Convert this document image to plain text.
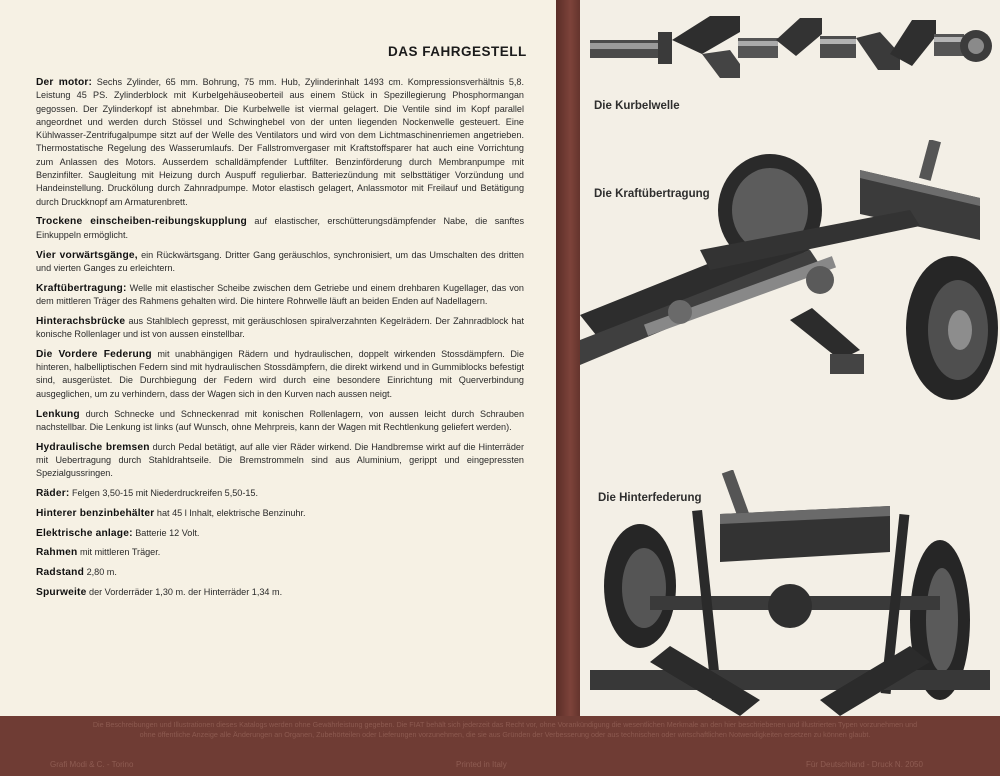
DAS FAHRGESTELL

Der motor: Sechs Zylinder, 65 mm. Bohrung, 75 mm. Hub, Zylinderinhalt 1493 cm. Kompressionsverhältnis 5,8. Leistung 45 PS. Zylinderblock mit Kurbelgehäuseoberteil aus einem Stück in Spezillegierung Phosphormangan gegossen. Der Zylinderkopf ist abnehmbar. Die Kurbelwelle ist viermal gelagert. Die Ventile sind im Kopf parallel angeordnet und werden durch Stössel und Schwinghebel von der unten liegenden Nockenwelle gesteuert. Eine Kühlwasser-Zentrifugalpumpe sitzt auf der Welle des Ventilators und wird von dem Lichtmaschinenriemen angetrieben. Thermostatische Regelung des Wasserumlaufs. Der Fallstromvergaser mit Kraftstoffsparer hat auch eine Vorrichtung zum Anlassen des Motors. Ausserdem schalldämpfender Luftfilter. Benzinförderung durch Membranpumpe mit Benzinfilter. Saugleitung mit Heizung durch Auspuff regulierbar. Batteriezündung mit selbsttätiger Vorzündung und Handeinstellung. Druckölung durch Zahnradpumpe. Motor elastisch gelagert, Anlassmotor mit Freilauf und Betätigung durch Druckknopf am Armaturenbrett.

Trockene einscheiben-reibungskupplung auf elastischer, erschütterungsdämpfender Nabe, die sanftes Einkuppeln ermöglicht.

Vier vorwärtsgänge, ein Rückwärtsgang. Dritter Gang geräuschlos, synchronisiert, um das Umschalten des dritten und vierten Ganges zu erleichtern.

Kraftübertragung: Welle mit elastischer Scheibe zwischen dem Getriebe und einem drehbaren Kugellager, das von dem mittleren Träger des Rahmens gehalten wird. Die hintere Rohrwelle läuft an beiden Enden auf Nadellagern.

Hinterachsbrücke aus Stahlblech gepresst, mit geräuschlosen spiralverzahnten Kegelrädern. Der Zahnradblock hat konische Rollenlager und ist von aussen einstellbar.

Die Vordere Federung mit unabhängigen Rädern und hydraulischen, doppelt wirkenden Stossdämpfern. Die hinteren, halbelliptischen Federn sind mit hydraulischen Stossdämpfern, die direkt wirkend und in Gummiblocks befestigt sind, ausgerüstet. Die Durchbiegung der Federn wird durch eine besondere Einrichtung mit Querverbindung ausgeglichen, um zu verhindern, dass der Wagen sich in den Kurven nach aussen neigt.

Lenkung durch Schnecke und Schneckenrad mit konischen Rollenlagern, von aussen leicht durch Schrauben nachstellbar. Die Lenkung ist links (auf Wunsch, ohne Mehrpreis, kann der Wagen mit Rechtlenkung geliefert werden).

Hydraulische bremsen durch Pedal betätigt, auf alle vier Räder wirkend. Die Handbremse wirkt auf die Hinterräder mit Uebertragung durch Stahldrahtseile. Die Bremstrommeln sind aus Aluminium, gerippt und eingepressten Spezialgussringen.

Räder: Felgen 3,50-15 mit Niederdruckreifen 5,50-15.

Hinterer benzinbehälter hat 45 l Inhalt, elektrische Benzinuhr.

Elektrische anlage: Batterie 12 Volt.

Rahmen mit mittleren Träger.

Radstand 2,80 m.

Spurweite der Vorderräder 1,30 m. der Hinterräder 1,34 m.

Die Kurbelwelle
Die Kraftübertragung
Die Hinterfederung
Die Beschreibungen und Illustrationen dieses Katalogs werden ohne Gewährleistung gegeben. Die FIAT behält sich jederzeit das Recht vor, ohne Vorankündigung die wesentlichen Merkmale an den hier beschriebenen und illustrierten Typen vorzunehmen und ohne öffentliche Anzeige alle Änderungen an Organen, Zubehörteilen oder Lieferungen vorzunehmen, die sie aus Gründen der Verbesserung oder aus technischen oder wirtschaftlichen Notwendigkeiten ersetzen zu können glaubt.
Grafi Modi & C. - Torino	Printed in Italy	Für Deutschland - Druck N. 2050
